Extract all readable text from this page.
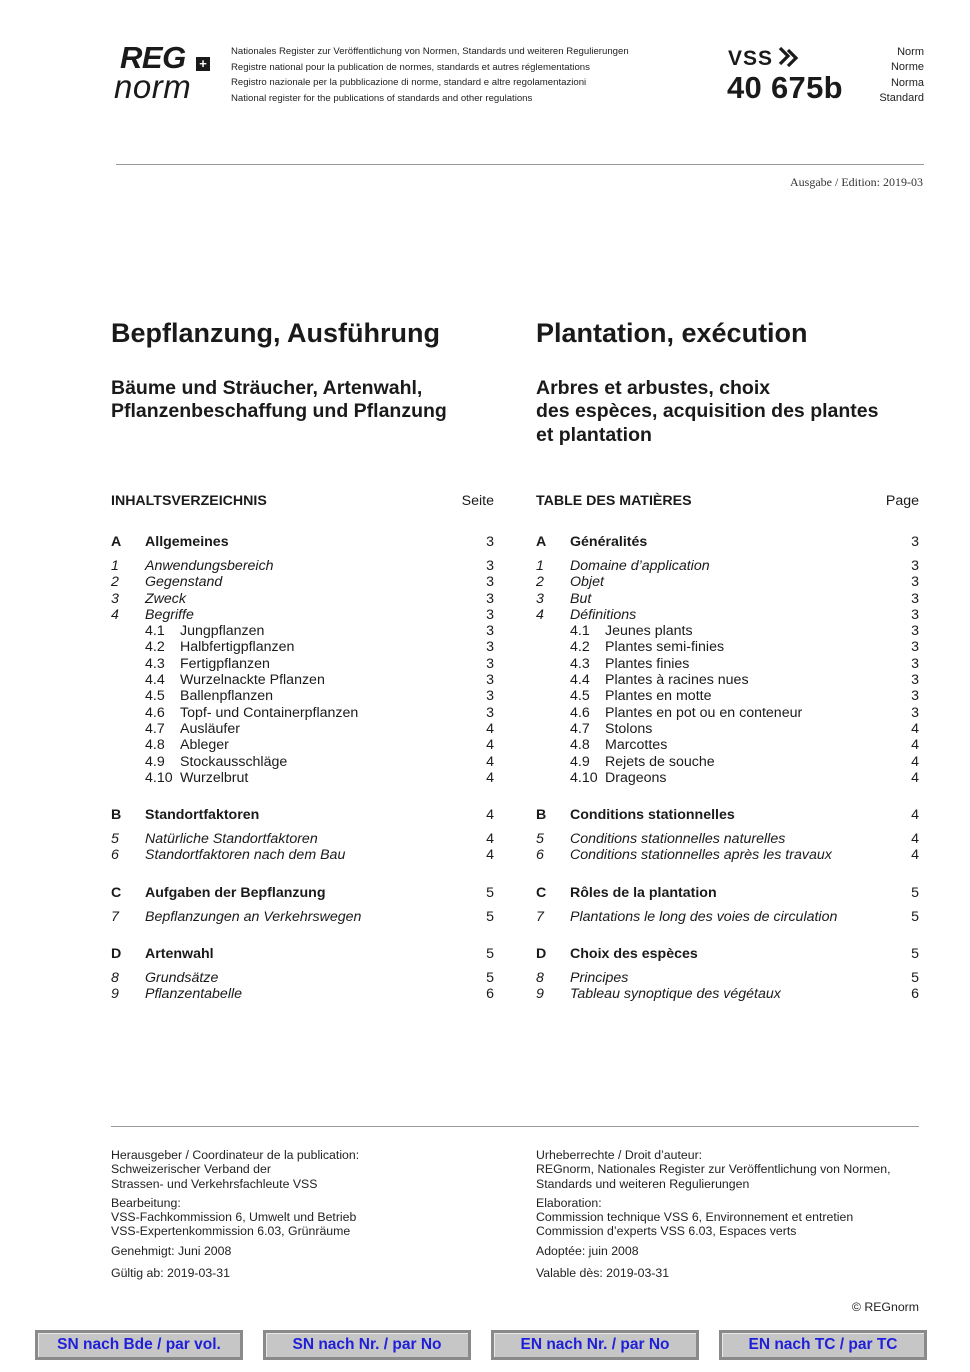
REG +
norm
Nationales Register zur Veröffentlichung von Normen, Standards und weiteren Regulierungen
Registre national pour la publication de normes, standards et autres réglementations
Registro nazionale per la pubblicazione di norme, standard e altre regolamentazioni
National register for the publications of standards and other regulations
VSS
40 675b
Norm
Norme
Norma
Standard
Ausgabe / Edition: 2019-03
Bepflanzung, Ausführung	Plantation, exécution
Bäume und Sträucher, Artenwahl,
Pflanzenbeschaffung und Pflanzung
Arbres et arbustes, choix
des espèces, acquisition des plantes
et plantation
INHALTSVERZEICHNIS	Seite
A	Allgemeines	3
1	Anwendungsbereich	3
2	Gegenstand	3
3	Zweck	3
4	Begriffe	3
4.1	Jungpflanzen	3
4.2	Halbfertigpflanzen	3
4.3	Fertigpflanzen	3
4.4	Wurzelnackte Pflanzen	3
4.5	Ballenpflanzen	3
4.6	Topf- und Containerpflanzen	3
4.7	Ausläufer	4
4.8	Ableger	4
4.9	Stockausschläge	4
4.10 Wurzelbrut	4
B	Standortfaktoren	4
5	Natürliche Standortfaktoren	4
6	Standortfaktoren nach dem Bau	4
C	Aufgaben der Bepflanzung	5
7	Bepflanzungen an Verkehrswegen	5
D	Artenwahl	5
8	Grundsätze	5
9	Pflanzentabelle	6
TABLE DES MATIÈRES	Page
A	Généralités	3
1	Domaine d’application	3
2	Objet	3
3	But	3
4	Définitions	3
4.1	Jeunes plants	3
4.2	Plantes semi-finies	3
4.3	Plantes finies	3
4.4	Plantes à racines nues	3
4.5	Plantes en motte	3
4.6	Plantes en pot ou en conteneur	3
4.7	Stolons	4
4.8	Marcottes	4
4.9	Rejets de souche	4
4.10 Drageons	4
B	Conditions stationnelles	4
5	Conditions stationnelles naturelles	4
6	Conditions stationnelles après les travaux	4
C	Rôles de la plantation	5
7	Plantations le long des voies de circulation	5
D	Choix des espèces	5
8	Principes	5
9	Tableau synoptique des végétaux	6
Herausgeber / Coordinateur de la publication:
Schweizerischer Verband der
Strassen- und Verkehrsfachleute VSS
Bearbeitung:
VSS-Fachkommission 6, Umwelt und Betrieb
VSS-Expertenkommission 6.03, Grünräume
Genehmigt: Juni 2008
Gültig ab: 2019-03-31
Urheberrechte / Droit d’auteur:
REGnorm, Nationales Register zur Veröffentlichung von Normen,
Standards und weiteren Regulierungen
Elaboration:
Commission technique VSS 6, Environnement et entretien
Commission d’experts VSS 6.03, Espaces verts
Adoptée: juin 2008
Valable dès: 2019-03-31
© REGnorm
SN nach Bde / par vol.	SN nach Nr. / par No	EN nach Nr. / par No	EN nach TC / par TC
